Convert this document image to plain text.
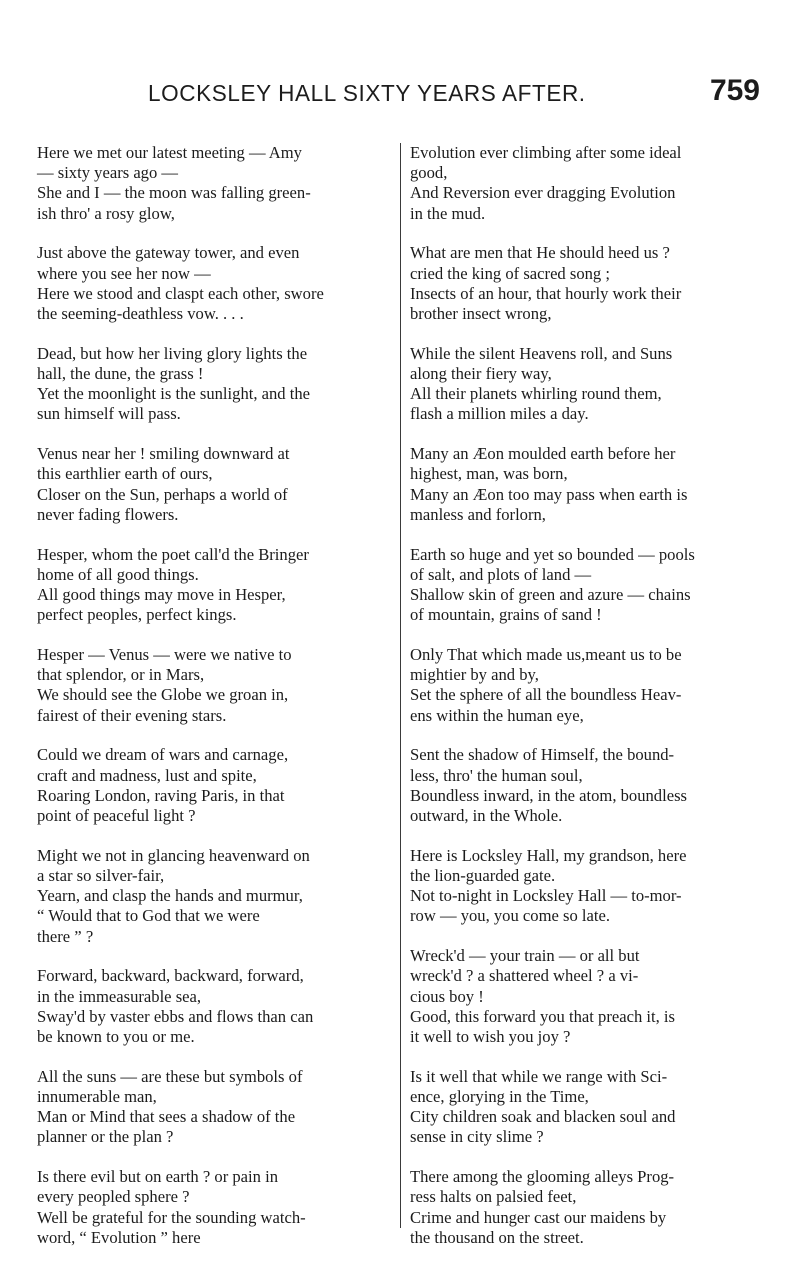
LOCKSLEY HALL SIXTY YEARS AFTER.	759
Here we met our latest meeting — Amy
— sixty years ago —
She and I — the moon was falling green-
ish thro' a rosy glow,
Just above the gateway tower, and even
where you see her now —
Here we stood and claspt each other, swore
the seeming-deathless vow. . . .
Dead, but how her living glory lights the
hall, the dune, the grass !
Yet the moonlight is the sunlight, and the
sun himself will pass.
Venus near her ! smiling downward at
this earthlier earth of ours,
Closer on the Sun, perhaps a world of
never fading flowers.
Hesper, whom the poet call'd the Bringer
home of all good things.
All good things may move in Hesper,
perfect peoples, perfect kings.
Hesper — Venus — were we native to
that splendor, or in Mars,
We should see the Globe we groan in,
fairest of their evening stars.
Could we dream of wars and carnage,
craft and madness, lust and spite,
Roaring London, raving Paris, in that
point of peaceful light ?
Might we not in glancing heavenward on
a star so silver-fair,
Yearn, and clasp the hands and murmur,
“ Would that to God that we were
there ” ?
Forward, backward, backward, forward,
in the immeasurable sea,
Sway'd by vaster ebbs and flows than can
be known to you or me.
All the suns — are these but symbols of
innumerable man,
Man or Mind that sees a shadow of the
planner or the plan ?
Is there evil but on earth ? or pain in
every peopled sphere ?
Well be grateful for the sounding watch-
word, “ Evolution ” here
Evolution ever climbing after some ideal
good,
And Reversion ever dragging Evolution
in the mud.
What are men that He should heed us ?
cried the king of sacred song ;
Insects of an hour, that hourly work their
brother insect wrong,
While the silent Heavens roll, and Suns
along their fiery way,
All their planets whirling round them,
flash a million miles a day.
Many an Æon moulded earth before her
highest, man, was born,
Many an Æon too may pass when earth is
manless and forlorn,
Earth so huge and yet so bounded — pools
of salt, and plots of land —
Shallow skin of green and azure — chains
of mountain, grains of sand !
Only That which made us,meant us to be
mightier by and by,
Set the sphere of all the boundless Heav-
ens within the human eye,
Sent the shadow of Himself, the bound-
less, thro' the human soul,
Boundless inward, in the atom, boundless
outward, in the Whole.
Here is Locksley Hall, my grandson, here
the lion-guarded gate.
Not to-night in Locksley Hall — to-mor-
row — you, you come so late.
Wreck'd — your train — or all but
wreck'd ? a shattered wheel ? a vi-
cious boy !
Good, this forward you that preach it, is
it well to wish you joy ?
Is it well that while we range with Sci-
ence, glorying in the Time,
City children soak and blacken soul and
sense in city slime ?
There among the glooming alleys Prog-
ress halts on palsied feet,
Crime and hunger cast our maidens by
the thousand on the street.
